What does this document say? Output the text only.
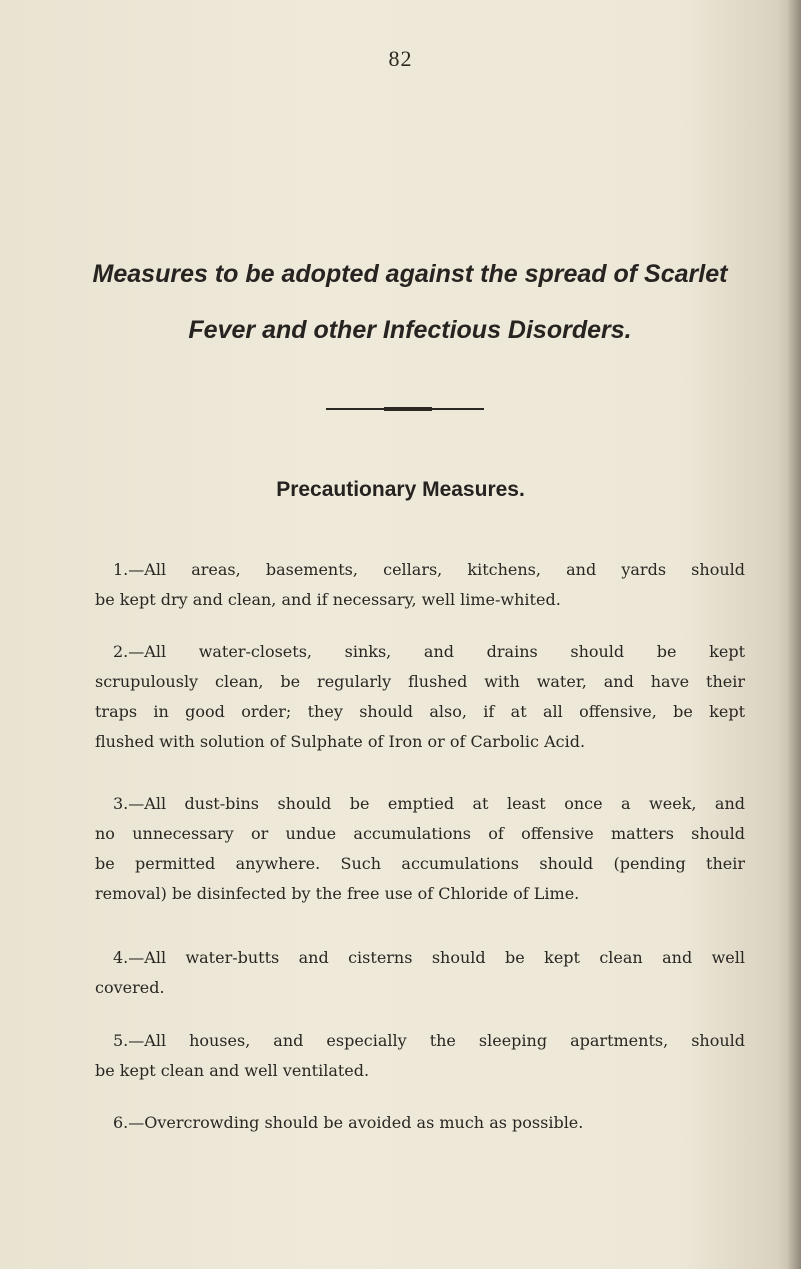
82
Measures to be adopted against the spread of Scarlet
Fever and other Infectious Disorders.
Precautionary Measures.
1.—All areas, basements, cellars, kitchens, and yards should
be kept dry and clean, and if necessary, well lime-whited.
2.—All water-closets, sinks, and drains should be kept
scrupulously clean, be regularly flushed with water, and have their
traps in good order; they should also, if at all offensive, be kept
flushed with solution of Sulphate of Iron or of Carbolic Acid.
3.—All dust-bins should be emptied at least once a week, and
no unnecessary or undue accumulations of offensive matters should
be permitted anywhere. Such accumulations should (pending their
removal) be disinfected by the free use of Chloride of Lime.
4.—All water-butts and cisterns should be kept clean and well
covered.
5.—All houses, and especially the sleeping apartments, should
be kept clean and well ventilated.
6.—Overcrowding should be avoided as much as possible.
